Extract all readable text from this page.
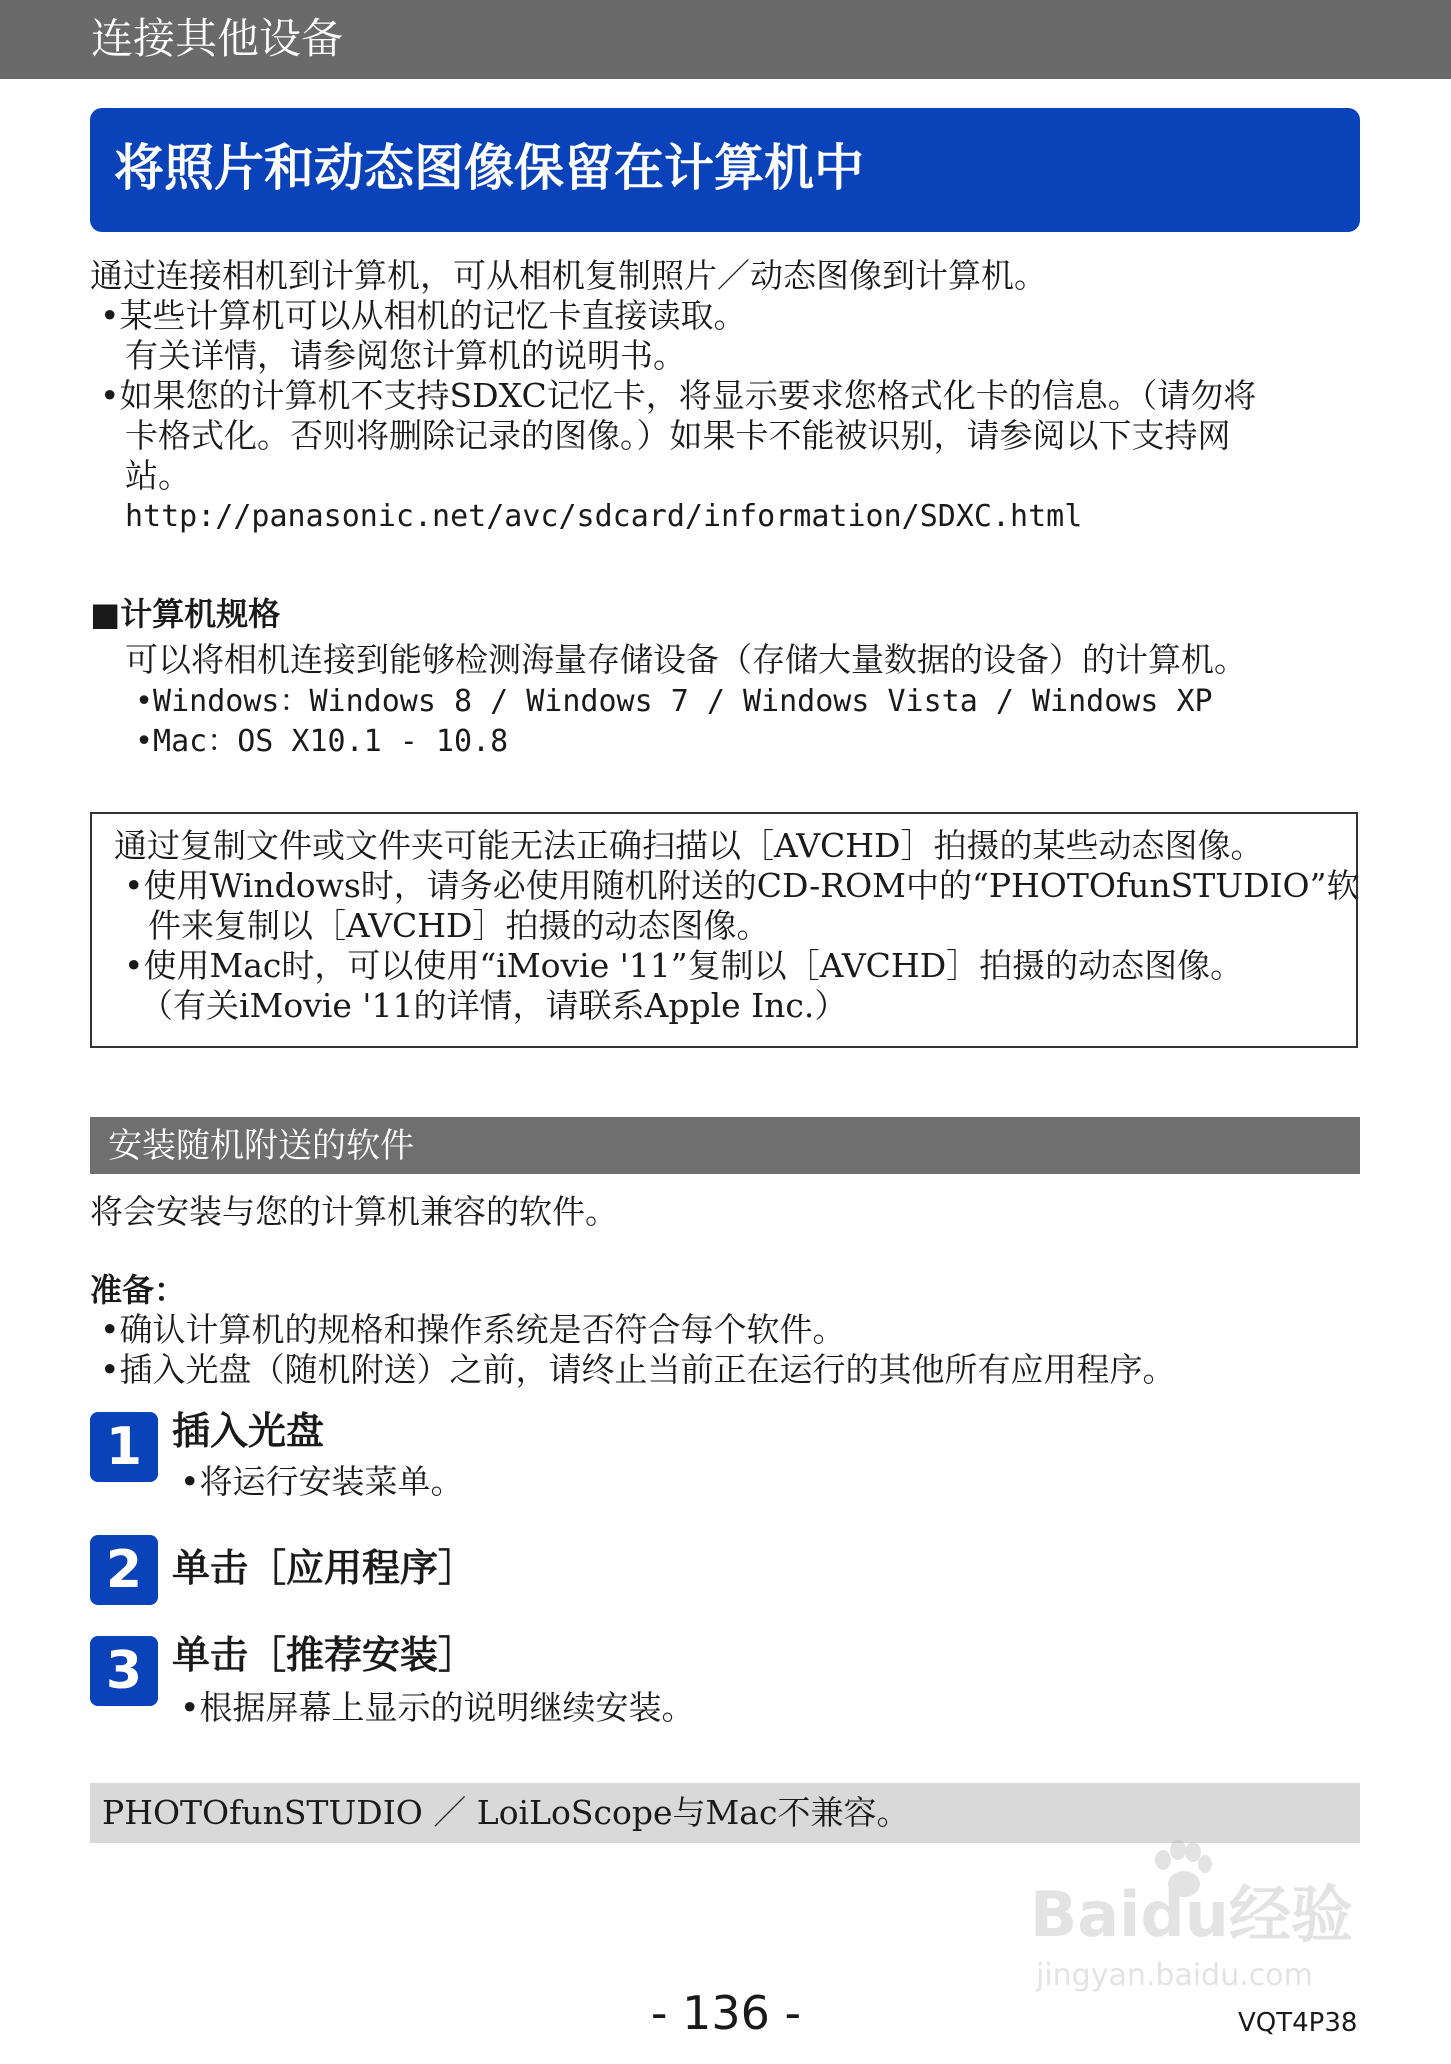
连接其他设备
将照片和动态图像保留在计算机中
通过连接相机到计算机，可从相机复制照片／动态图像到计算机。
•某些计算机可以从相机的记忆卡直接读取。
有关详情，请参阅您计算机的说明书。
•如果您的计算机不支持SDXC记忆卡，将显示要求您格式化卡的信息。（请勿将
卡格式化。否则将删除记录的图像。）如果卡不能被识别，请参阅以下支持网
站。
http://panasonic.net/avc/sdcard/information/SDXC.html
■计算机规格
可以将相机连接到能够检测海量存储设备（存储大量数据的设备）的计算机。
•Windows：Windows 8 / Windows 7 / Windows Vista / Windows XP
•Mac：OS X10.1 - 10.8
通过复制文件或文件夹可能无法正确扫描以［AVCHD］拍摄的某些动态图像。
•使用Windows时，请务必使用随机附送的CD-ROM中的“PHOTOfunSTUDIO”软
件来复制以［AVCHD］拍摄的动态图像。
•使用Mac时，可以使用“iMovie '11”复制以［AVCHD］拍摄的动态图像。
（有关iMovie '11的详情，请联系Apple Inc.）
安装随机附送的软件
将会安装与您的计算机兼容的软件。
准备：
•确认计算机的规格和操作系统是否符合每个软件。
•插入光盘（随机附送）之前，请终止当前正在运行的其他所有应用程序。
1 插入光盘
•将运行安装菜单。
2 单击［应用程序］
3 单击［推荐安装］
•根据屏幕上显示的说明继续安装。
PHOTOfunSTUDIO ／ LoiLoScope与Mac不兼容。
Baidu经验
jingyan.baidu.com
- 136 -	VQT4P38
